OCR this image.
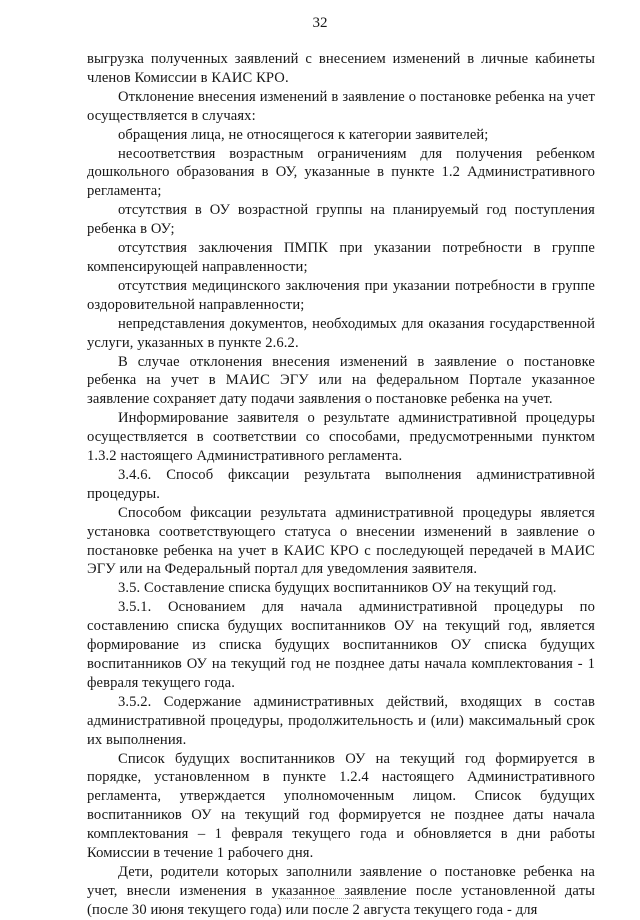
32

выгрузка полученных заявлений с внесением изменений в личные кабинеты членов Комиссии в КАИС КРО.

Отклонение внесения изменений в заявление о постановке ребенка на учет осуществляется в случаях:

обращения лица, не относящегося к категории заявителей;

несоответствия возрастным ограничениям для получения ребенком дошкольного образования в ОУ, указанные в пункте 1.2 Административного регламента;

отсутствия в ОУ возрастной группы на планируемый год поступления ребенка в ОУ;

отсутствия заключения ПМПК при указании потребности в группе компенсирующей направленности;

отсутствия медицинского заключения при указании потребности в группе оздоровительной направленности;

непредставления документов, необходимых для оказания государственной услуги, указанных в пункте 2.6.2.

В случае отклонения внесения изменений в заявление о постановке ребенка на учет в МАИС ЭГУ или на федеральном Портале указанное заявление сохраняет дату подачи заявления о постановке ребенка на учет.

Информирование заявителя о результате административной процедуры осуществляется в соответствии со способами, предусмотренными пунктом 1.3.2 настоящего Административного регламента.

3.4.6. Способ фиксации результата выполнения административной процедуры.

Способом фиксации результата административной процедуры является установка соответствующего статуса о внесении изменений в заявление о постановке ребенка на учет в КАИС КРО с последующей передачей в МАИС ЭГУ или на Федеральный портал для уведомления заявителя.

3.5. Составление списка будущих воспитанников ОУ на текущий год.

3.5.1. Основанием для начала административной процедуры по составлению списка будущих воспитанников ОУ на текущий год, является формирование из списка будущих воспитанников ОУ списка будущих воспитанников ОУ на текущий год не позднее даты начала комплектования - 1 февраля текущего года.

3.5.2. Содержание административных действий, входящих в состав административной процедуры, продолжительность и (или) максимальный срок их выполнения.

Список будущих воспитанников ОУ на текущий год формируется в порядке, установленном в пункте 1.2.4 настоящего Административного регламента, утверждается уполномоченным лицом. Список будущих воспитанников ОУ на текущий год формируется не позднее даты начала комплектования – 1 февраля текущего года и обновляется в дни работы Комиссии в течение 1 рабочего дня.

Дети, родители которых заполнили заявление о постановке ребенка на учет, внесли изменения в указанное заявление после установленной даты (после 30 июня текущего года) или после 2 августа текущего года - для
